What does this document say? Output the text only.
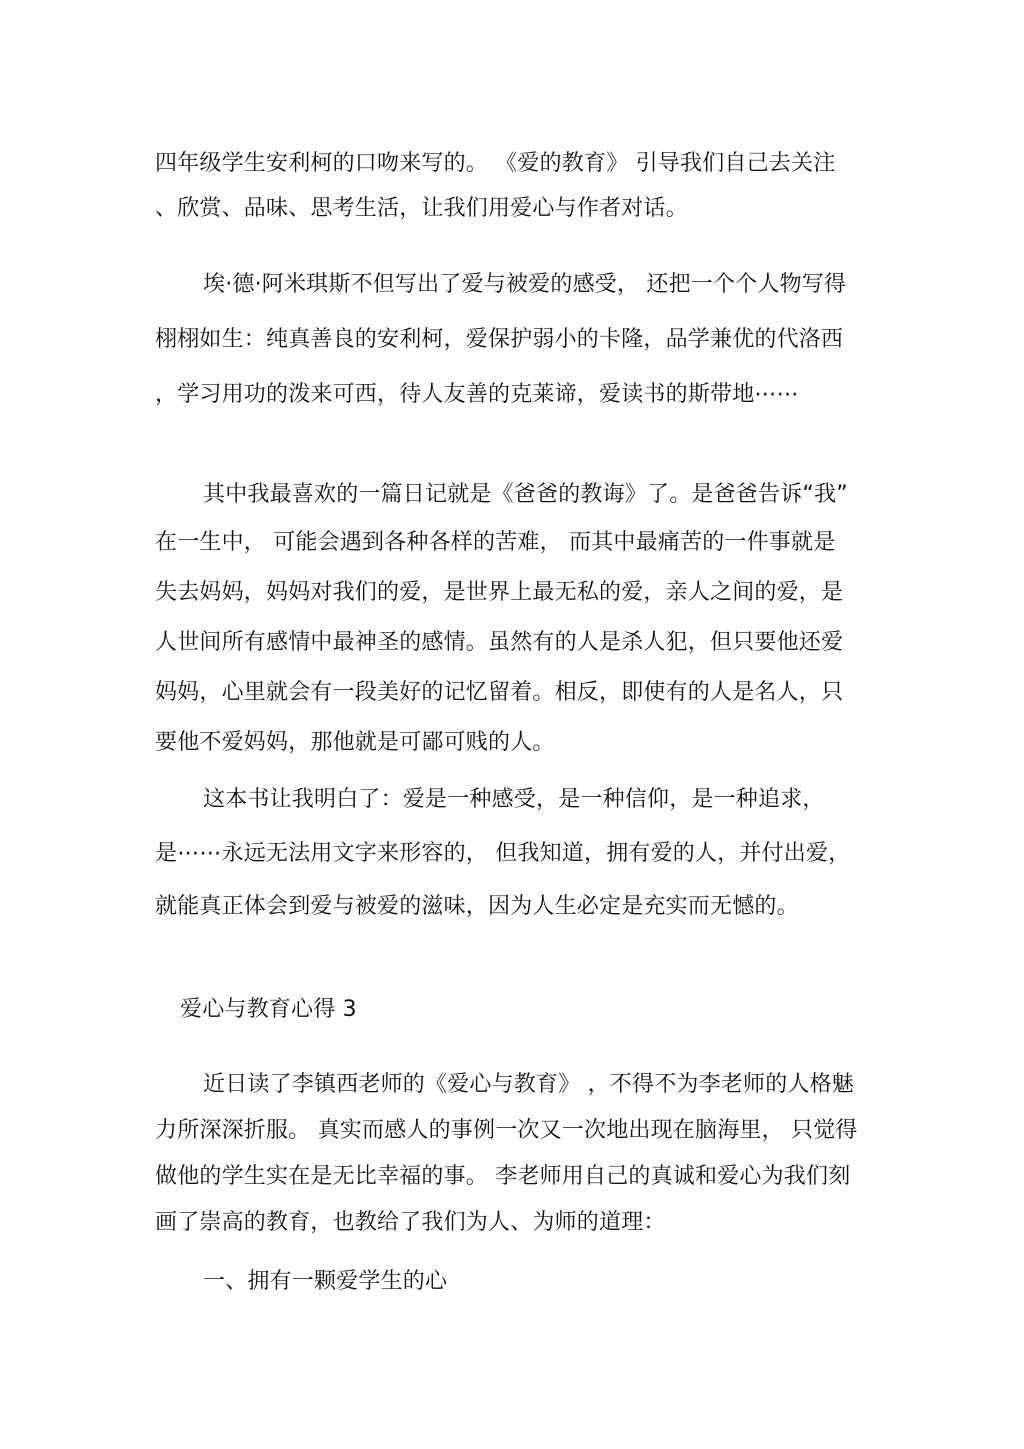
四年级学生安利柯的口吻来写的。 《爱的教育》 引导我们自己去关注
、欣赏、品味、思考生活，让我们用爱心与作者对话。
埃·德·阿米琪斯不但写出了爱与被爱的感受， 还把一个个人物写得
栩栩如生：纯真善良的安利柯，爱保护弱小的卡隆，品学兼优的代洛西
，学习用功的泼来可西，待人友善的克莱谛，爱读书的斯带地⋯⋯
其中我最喜欢的一篇日记就是《爸爸的教诲》了。是爸爸告诉“我”
在一生中， 可能会遇到各种各样的苦难， 而其中最痛苦的一件事就是
失去妈妈，妈妈对我们的爱，是世界上最无私的爱，亲人之间的爱，是
人世间所有感情中最神圣的感情。虽然有的人是杀人犯，但只要他还爱
妈妈，心里就会有一段美好的记忆留着。相反，即使有的人是名人，只
要他不爱妈妈，那他就是可鄙可贱的人。
这本书让我明白了：爱是一种感受，是一种信仰，是一种追求，
是⋯⋯永远无法用文字来形容的， 但我知道，拥有爱的人，并付出爱，
就能真正体会到爱与被爱的滋味，因为人生必定是充实而无憾的。
爱心与教育心得 3
近日读了李镇西老师的《爱心与教育》 ，不得不为李老师的人格魅
力所深深折服。 真实而感人的事例一次又一次地出现在脑海里， 只觉得
做他的学生实在是无比幸福的事。 李老师用自己的真诚和爱心为我们刻
画了崇高的教育，也教给了我们为人、为师的道理：
一、拥有一颗爱学生的心
